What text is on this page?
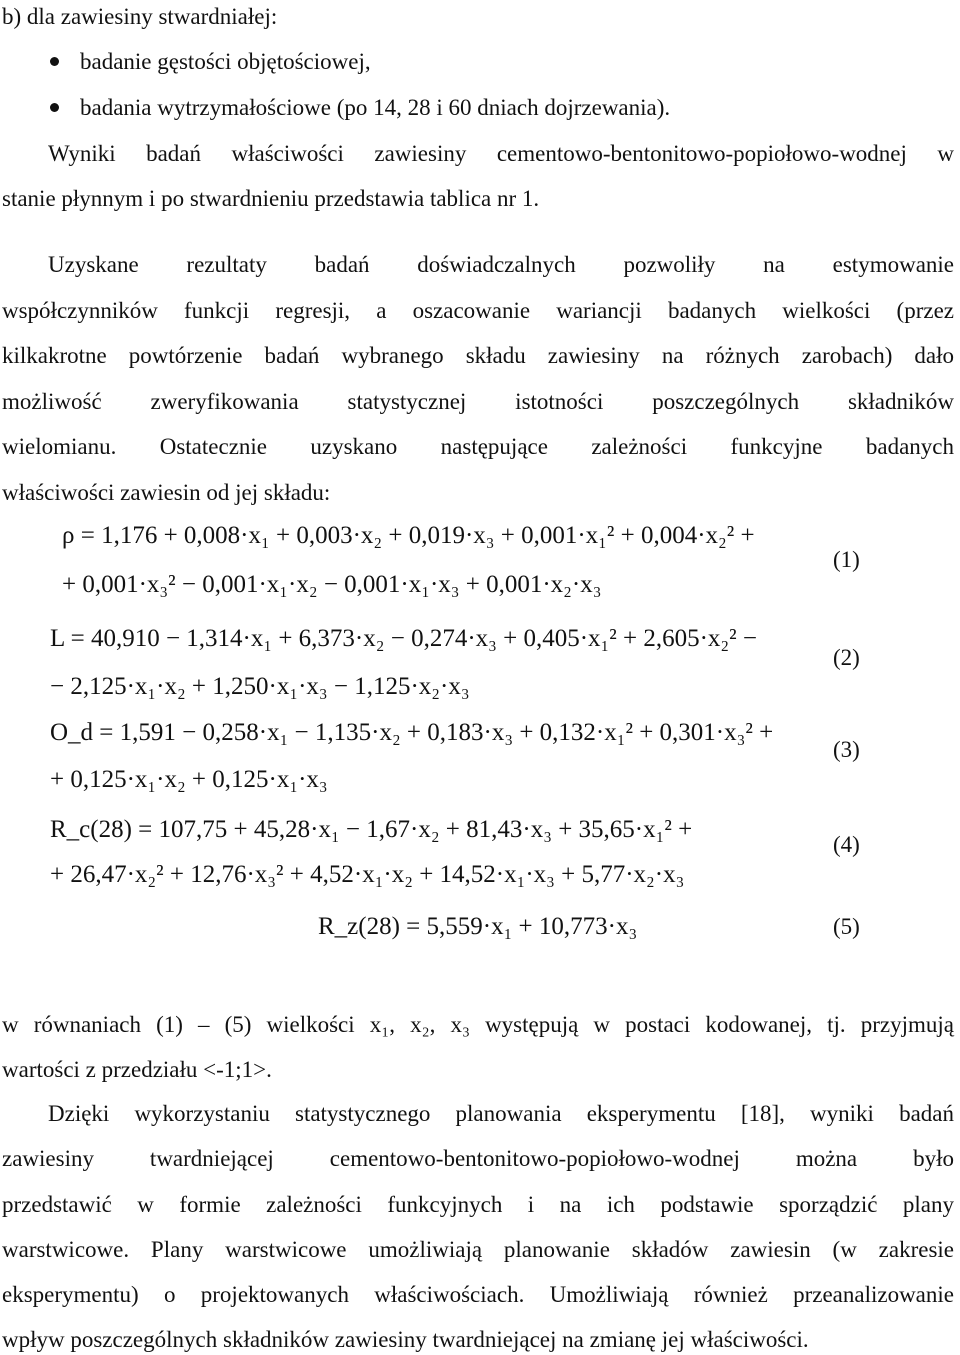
b) dla zawiesiny stwardniałej:
badanie gęstości objętościowej,
badania wytrzymałościowe (po 14, 28 i 60 dniach dojrzewania).
Wyniki badań właściwości zawiesiny cementowo-bentonitowo-popiołowo-wodnej w
stanie płynnym i po stwardnieniu przedstawia tablica nr 1.
Uzyskane rezultaty badań doświadczalnych pozwoliły na estymowanie
współczynników funkcji regresji, a oszacowanie wariancji badanych wielkości (przez
kilkakrotne powtórzenie badań wybranego składu zawiesiny na różnych zarobach) dało
możliwość zweryfikowania statystycznej istotności poszczególnych składników
wielomianu. Ostatecznie uzyskano następujące zależności funkcyjne badanych
właściwości zawiesin od jej składu:
ρ = 1,176 + 0,008·x₁ + 0,003·x₂ + 0,019·x₃ + 0,001·x₁² + 0,004·x₂² +
+ 0,001·x₃² − 0,001·x₁·x₂ − 0,001·x₁·x₃ + 0,001·x₂·x₃
(1)
L = 40,910 − 1,314·x₁ + 6,373·x₂ − 0,274·x₃ + 0,405·x₁² + 2,605·x₂² −
− 2,125·x₁·x₂ + 1,250·x₁·x₃ − 1,125·x₂·x₃
(2)
O_d = 1,591 − 0,258·x₁ − 1,135·x₂ + 0,183·x₃ + 0,132·x₁² + 0,301·x₃² +
+ 0,125·x₁·x₂ + 0,125·x₁·x₃
(3)
R_c(28) = 107,75 + 45,28·x₁ − 1,67·x₂ + 81,43·x₃ + 35,65·x₁² +
+ 26,47·x₂² + 12,76·x₃² + 4,52·x₁·x₂ + 14,52·x₁·x₃ + 5,77·x₂·x₃
(4)
R_z(28) = 5,559·x₁ + 10,773·x₃	(5)
w równaniach (1) – (5) wielkości x₁, x₂, x₃ występują w postaci kodowanej, tj. przyjmują
wartości z przedziału <-1;1>.
Dzięki wykorzystaniu statystycznego planowania eksperymentu [18], wyniki badań
zawiesiny twardniejącej cementowo-bentonitowo-popiołowo-wodnej można było
przedstawić w formie zależności funkcyjnych i na ich podstawie sporządzić plany
warstwicowe. Plany warstwicowe umożliwiają planowanie składów zawiesin (w zakresie
eksperymentu) o projektowanych właściwościach. Umożliwiają również przeanalizowanie
wpływ poszczególnych składników zawiesiny twardniejącej na zmianę jej właściwości.
